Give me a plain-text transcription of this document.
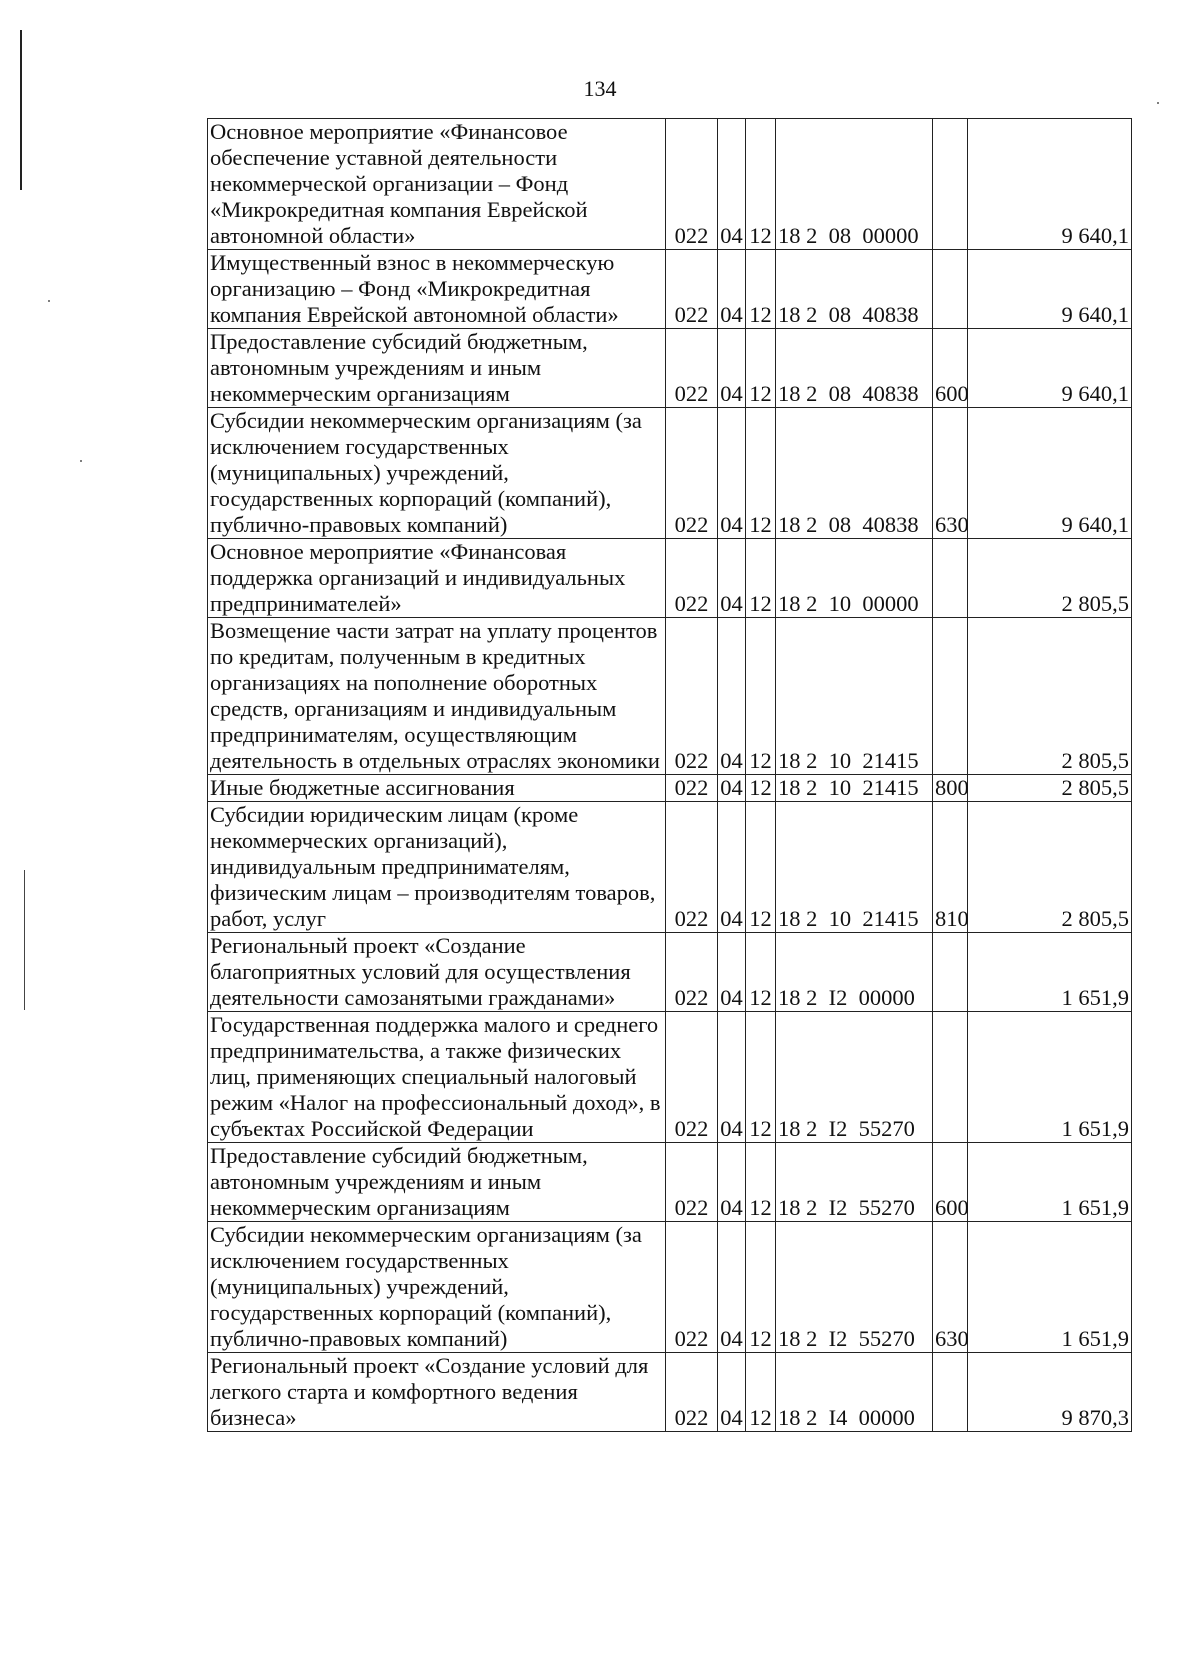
134
Основное мероприятие «Финансовое обеспечение уставной деятельности некоммерческой организации – Фонд «Микрокредитная компания Еврейской автономной области»	022	04	12	18 2  08  00000		9 640,1
Имущественный взнос в некоммерческую организацию – Фонд «Микрокредитная компания Еврейской автономной области»	022	04	12	18 2  08  40838		9 640,1
Предоставление субсидий бюджетным, автономным учреждениям и иным некоммерческим организациям	022	04	12	18 2  08  40838	600	9 640,1
Субсидии некоммерческим организациям (за исключением государственных (муниципальных) учреждений, государственных корпораций (компаний), публично-правовых компаний)	022	04	12	18 2  08  40838	630	9 640,1
Основное мероприятие «Финансовая поддержка организаций и индивидуальных предпринимателей»	022	04	12	18 2  10  00000		2 805,5
Возмещение части затрат на уплату процентов по кредитам, полученным в кредитных организациях на пополнение оборотных средств, организациям и индивидуальным предпринимателям, осуществляющим деятельность в отдельных отраслях экономики	022	04	12	18 2  10  21415		2 805,5
Иные бюджетные ассигнования	022	04	12	18 2  10  21415	800	2 805,5
Субсидии юридическим лицам (кроме некоммерческих организаций), индивидуальным предпринимателям, физическим лицам – производителям товаров, работ, услуг	022	04	12	18 2  10  21415	810	2 805,5
Региональный проект «Создание благоприятных условий для осуществления деятельности самозанятыми гражданами»	022	04	12	18 2  I2  00000		1 651,9
Государственная поддержка малого и среднего предпринимательства, а также физических лиц, применяющих специальный налоговый режим «Налог на профессиональный доход», в субъектах Российской Федерации	022	04	12	18 2  I2  55270		1 651,9
Предоставление субсидий бюджетным, автономным учреждениям и иным некоммерческим организациям	022	04	12	18 2  I2  55270	600	1 651,9
Субсидии некоммерческим организациям (за исключением государственных (муниципальных) учреждений, государственных корпораций (компаний), публично-правовых компаний)	022	04	12	18 2  I2  55270	630	1 651,9
Региональный проект «Создание условий для легкого старта и комфортного ведения бизнеса»	022	04	12	18 2  I4  00000		9 870,3
